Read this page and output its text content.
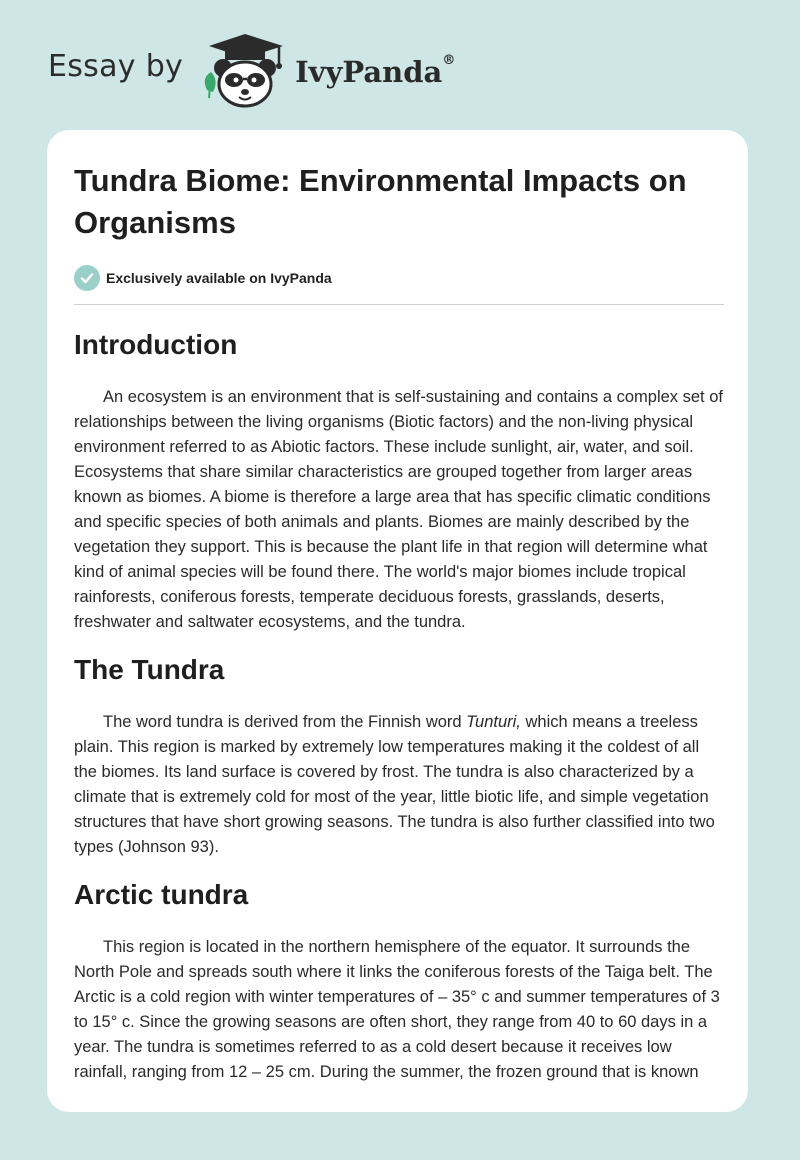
Essay by	IvyPanda®
Tundra Biome: Environmental Impacts on Organisms
Exclusively available on IvyPanda
Introduction

An ecosystem is an environment that is self-sustaining and contains a complex set of relationships between the living organisms (Biotic factors) and the non-living physical environment referred to as Abiotic factors. These include sunlight, air, water, and soil. Ecosystems that share similar characteristics are grouped together from larger areas known as biomes. A biome is therefore a large area that has specific climatic conditions and specific species of both animals and plants. Biomes are mainly described by the vegetation they support. This is because the plant life in that region will determine what kind of animal species will be found there. The world's major biomes include tropical rainforests, coniferous forests, temperate deciduous forests, grasslands, deserts, freshwater and saltwater ecosystems, and the tundra.

The Tundra

The word tundra is derived from the Finnish word Tunturi, which means a treeless plain. This region is marked by extremely low temperatures making it the coldest of all the biomes. Its land surface is covered by frost. The tundra is also characterized by a climate that is extremely cold for most of the year, little biotic life, and simple vegetation structures that have short growing seasons. The tundra is also further classified into two types (Johnson 93).

Arctic tundra

This region is located in the northern hemisphere of the equator. It surrounds the North Pole and spreads south where it links the coniferous forests of the Taiga belt. The Arctic is a cold region with winter temperatures of – 35° c and summer temperatures of 3 to 15° c. Since the growing seasons are often short, they range from 40 to 60 days in a year. The tundra is sometimes referred to as a cold desert because it receives low rainfall, ranging from 12 – 25 cm. During the summer, the frozen ground that is known
